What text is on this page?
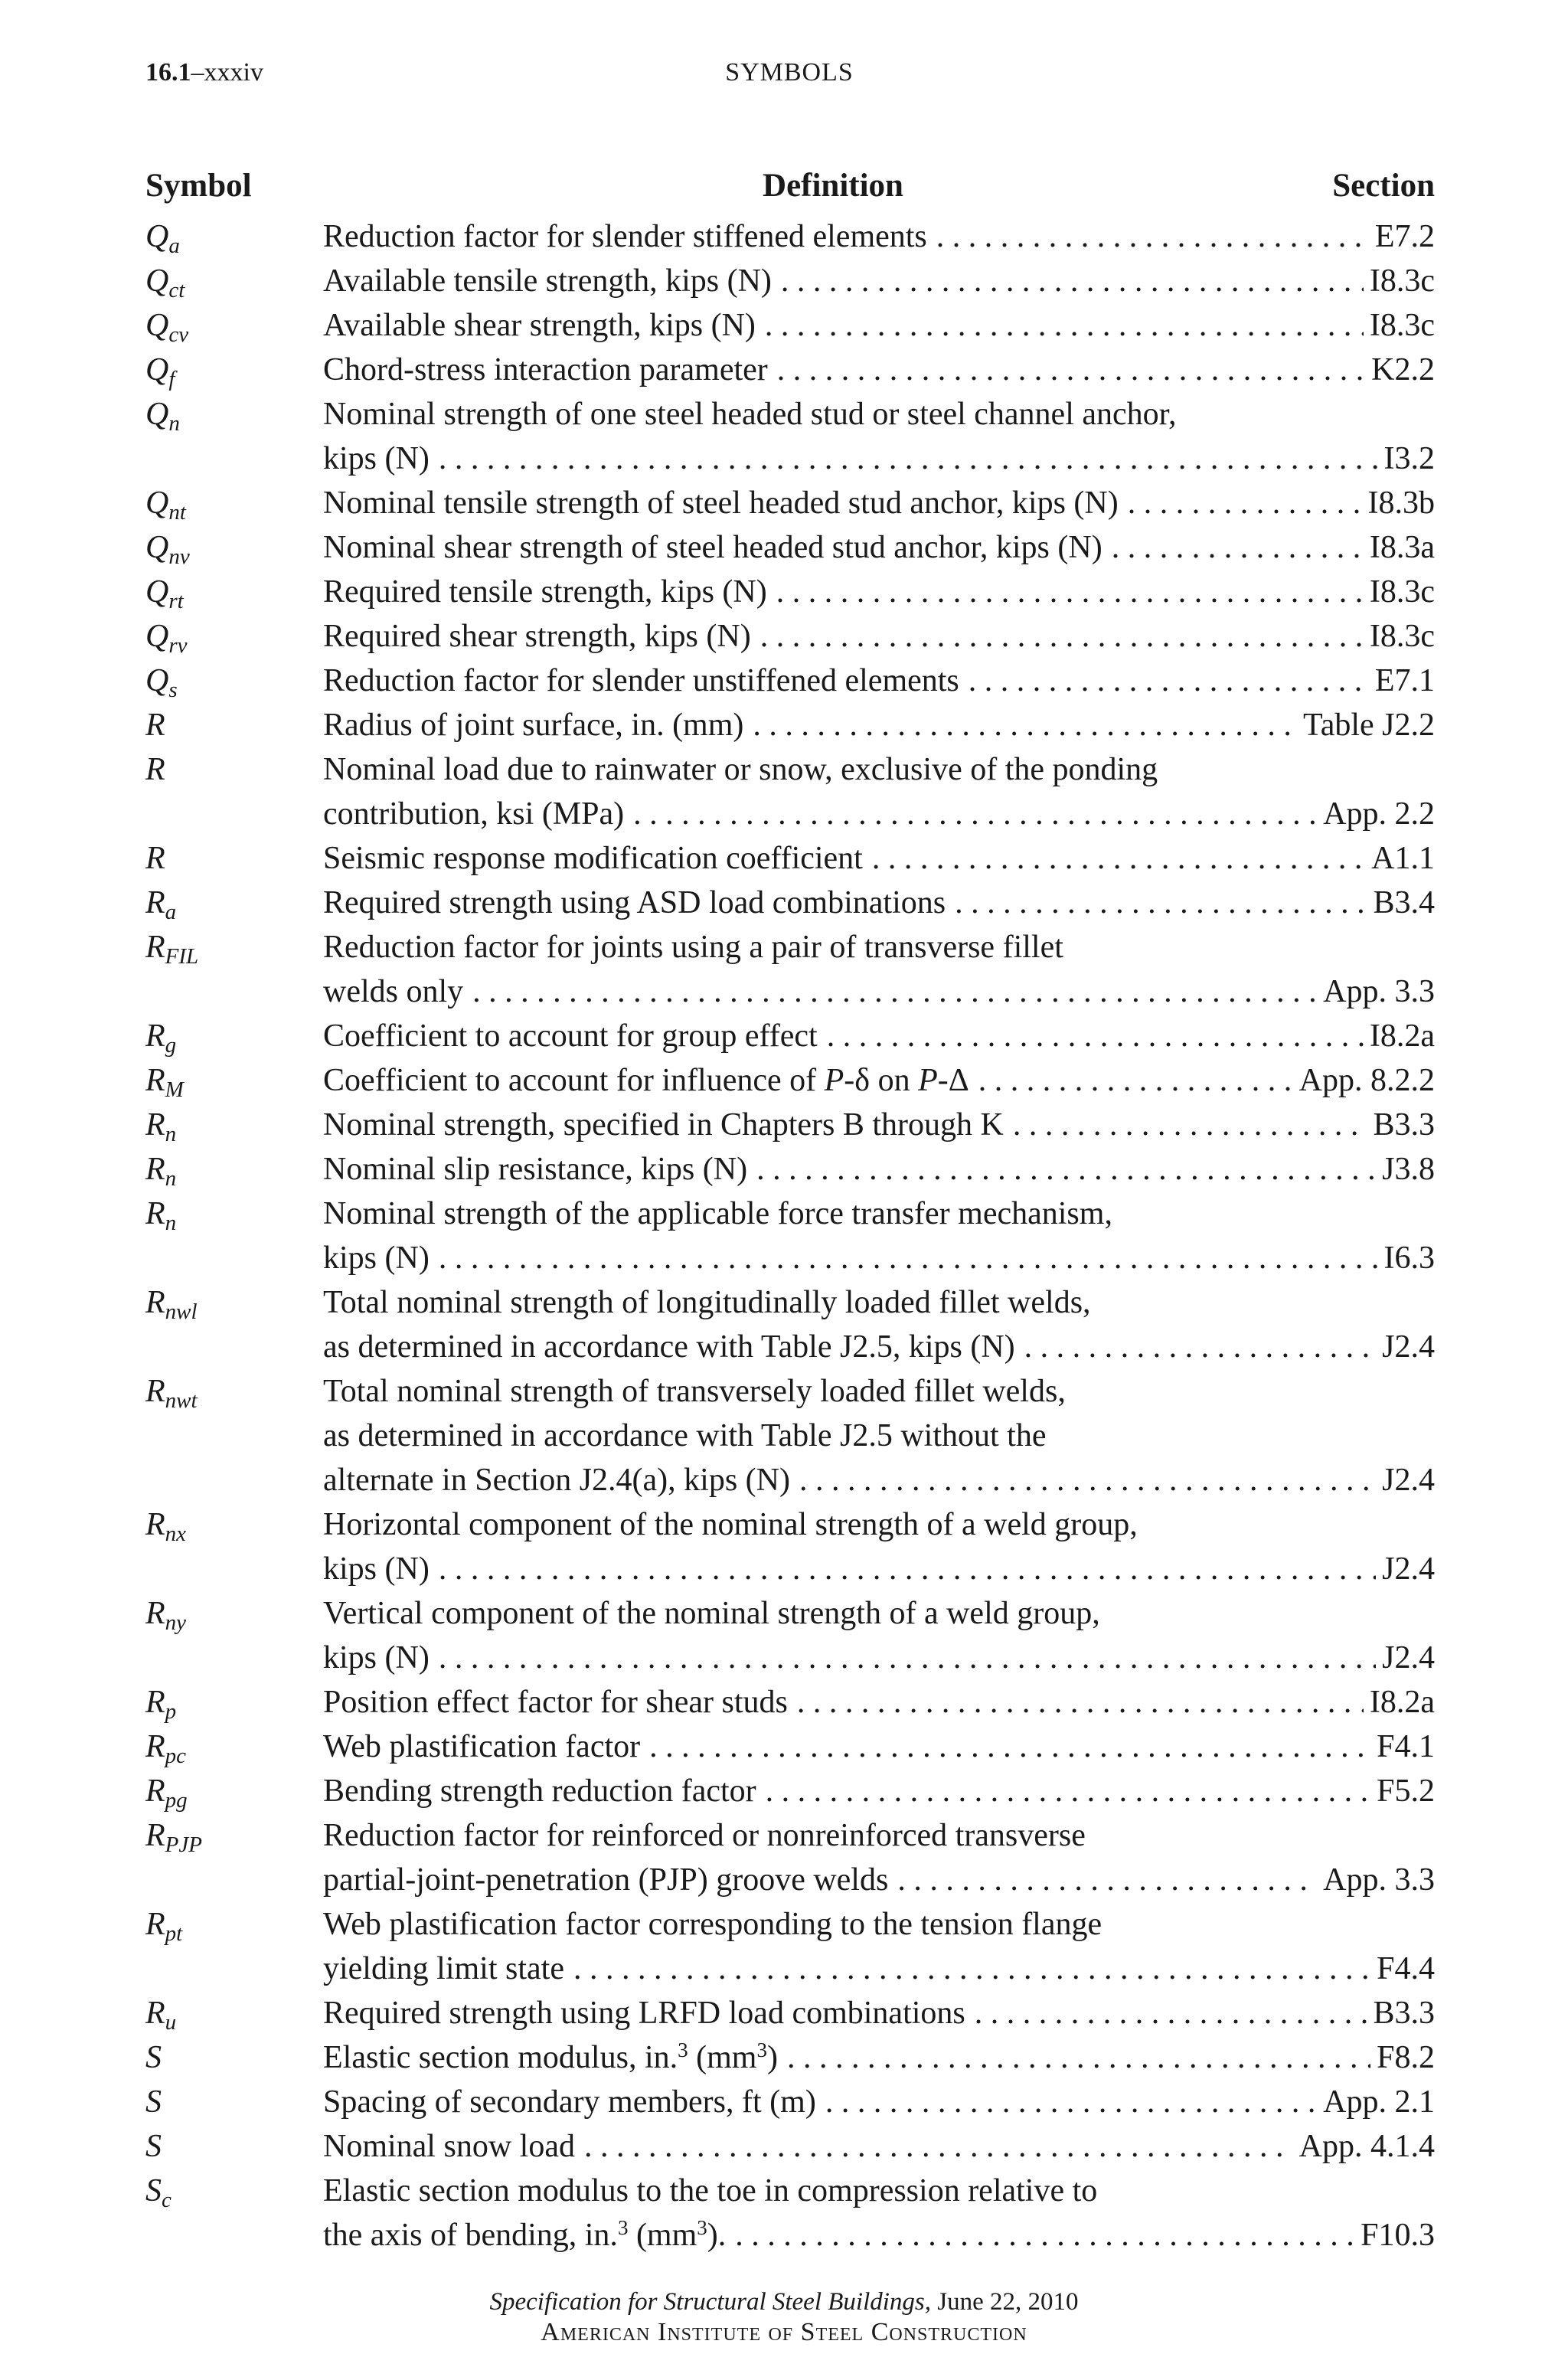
16.1–xxxiv	SYMBOLS
Symbol	Definition	Section
$Q_a$	Reduction factor for slender stiffened elements . . .	E7.2
$Q_{ct}$	Available tensile strength, kips (N) . . .	I8.3c
$Q_{cv}$	Available shear strength, kips (N) . . .	I8.3c
$Q_f$	Chord-stress interaction parameter . . .	K2.2
$Q_n$	Nominal strength of one steel headed stud or steel channel anchor,
kips (N) . . .	I3.2
$Q_{nt}$	Nominal tensile strength of steel headed stud anchor, kips (N) . . .	I8.3b
$Q_{nv}$	Nominal shear strength of steel headed stud anchor, kips (N) . . .	I8.3a
$Q_{rt}$	Required tensile strength, kips (N) . . .	I8.3c
$Q_{rv}$	Required shear strength, kips (N) . . .	I8.3c
$Q_s$	Reduction factor for slender unstiffened elements . . .	E7.1
R	Radius of joint surface, in. (mm) . . .	Table J2.2
R	Nominal load due to rainwater or snow, exclusive of the ponding
contribution, ksi (MPa) . . .	App. 2.2
R	Seismic response modification coefficient . . .	A1.1
$R_a$	Required strength using ASD load combinations . . .	B3.4
$R_{FIL}$	Reduction factor for joints using a pair of transverse fillet
welds only . . .	App. 3.3
$R_g$	Coefficient to account for group effect . . .	I8.2a
$R_M$	Coefficient to account for influence of P-δ on P-Δ . . .	App. 8.2.2
$R_n$	Nominal strength, specified in Chapters B through K . . .	B3.3
$R_n$	Nominal slip resistance, kips (N) . . .	J3.8
$R_n$	Nominal strength of the applicable force transfer mechanism,
kips (N) . . .	I6.3
$R_{nwl}$	Total nominal strength of longitudinally loaded fillet welds,
as determined in accordance with Table J2.5, kips (N) . . .	J2.4
$R_{nwt}$	Total nominal strength of transversely loaded fillet welds,
as determined in accordance with Table J2.5 without the
alternate in Section J2.4(a), kips (N) . . .	J2.4
$R_{nx}$	Horizontal component of the nominal strength of a weld group,
kips (N) . . .	J2.4
$R_{ny}$	Vertical component of the nominal strength of a weld group,
kips (N) . . .	J2.4
$R_p$	Position effect factor for shear studs . . .	I8.2a
$R_{pc}$	Web plastification factor . . .	F4.1
$R_{pg}$	Bending strength reduction factor . . .	F5.2
$R_{PJP}$	Reduction factor for reinforced or nonreinforced transverse
partial-joint-penetration (PJP) groove welds . . .	App. 3.3
$R_{pt}$	Web plastification factor corresponding to the tension flange
yielding limit state . . .	F4.4
$R_u$	Required strength using LRFD load combinations . . .	B3.3
S	Elastic section modulus, in.$^3$ $(mm^3)$ . . .	F8.2
S	Spacing of secondary members, ft (m) . . .	App. 2.1
S	Nominal snow load . . .	App. 4.1.4
$S_c$	Elastic section modulus to the toe in compression relative to
the axis of bending, in.$^3$ $(mm^3)$. . . .	F10.3
Specification for Structural Steel Buildings, June 22, 2010
American Institute of Steel Construction
